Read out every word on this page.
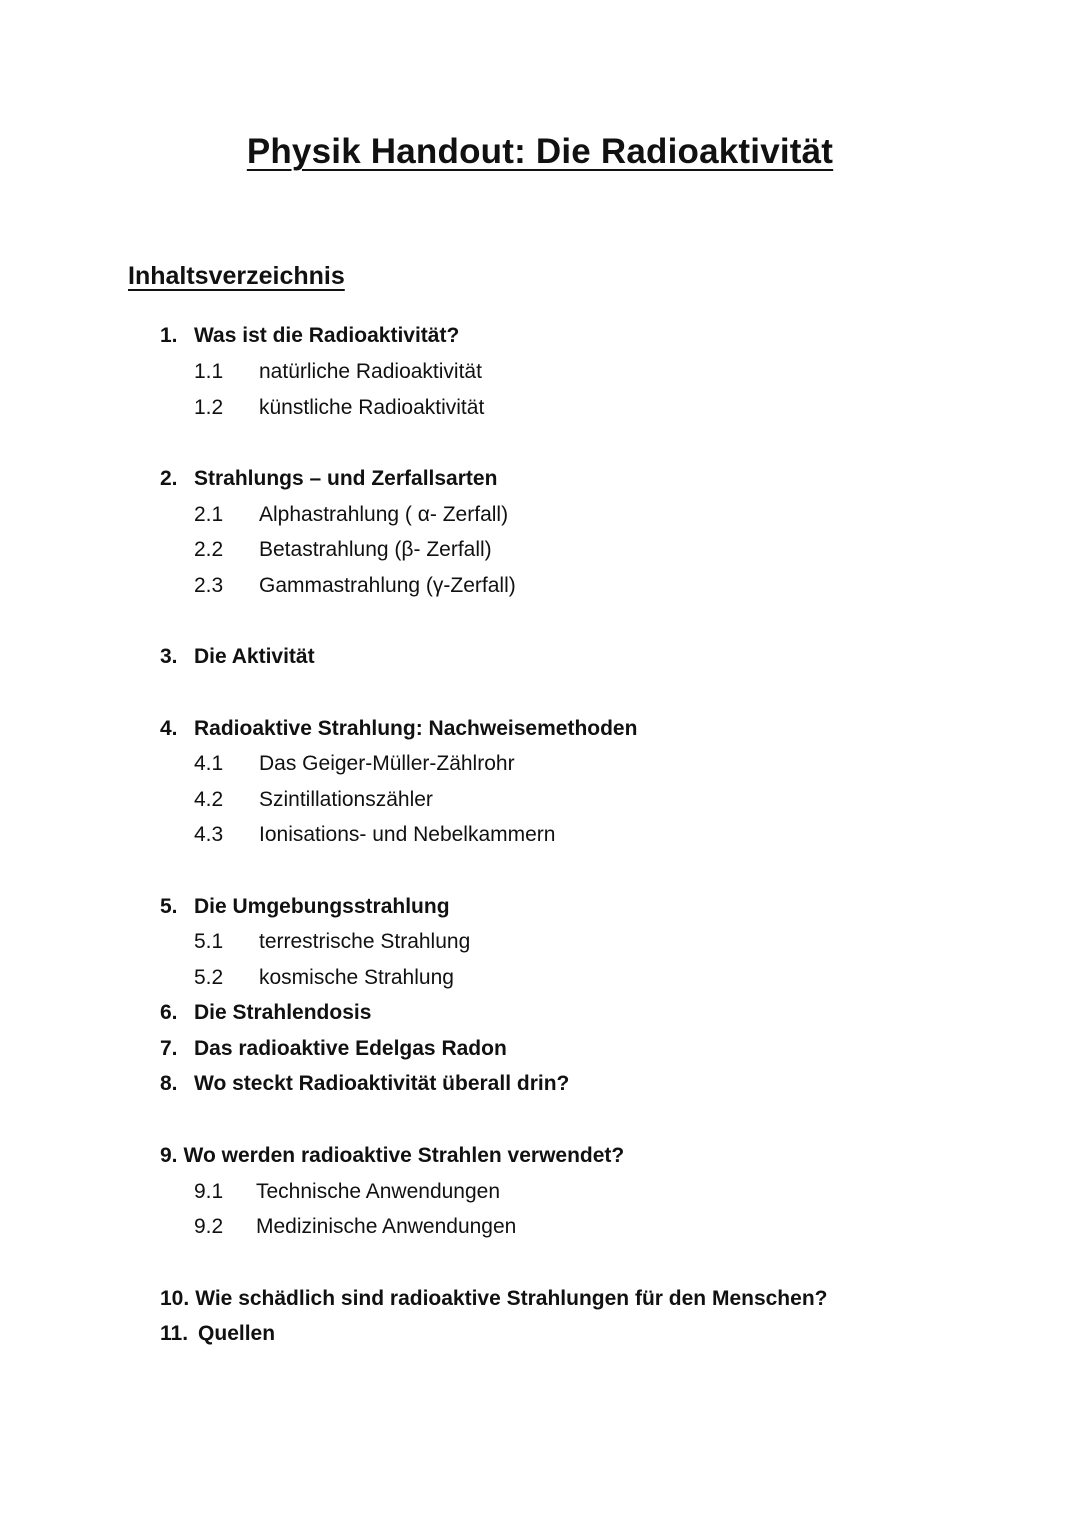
Physik Handout: Die Radioaktivität
Inhaltsverzeichnis
1. Was ist die Radioaktivität?
1.1 natürliche Radioaktivität
1.2 künstliche Radioaktivität
2. Strahlungs – und Zerfallsarten
2.1 Alphastrahlung ( α- Zerfall)
2.2 Betastrahlung (β- Zerfall)
2.3 Gammastrahlung (γ-Zerfall)
3. Die Aktivität
4. Radioaktive Strahlung: Nachweisemethoden
4.1 Das Geiger-Müller-Zählrohr
4.2 Szintillationszähler
4.3 Ionisations- und Nebelkammern
5. Die Umgebungsstrahlung
5.1 terrestrische Strahlung
5.2 kosmische Strahlung
6. Die Strahlendosis
7. Das radioaktive Edelgas Radon
8. Wo steckt Radioaktivität überall drin?
9. Wo werden radioaktive Strahlen verwendet?
9.1 Technische Anwendungen
9.2 Medizinische Anwendungen
10. Wie schädlich sind radioaktive Strahlungen für den Menschen?
11. Quellen
